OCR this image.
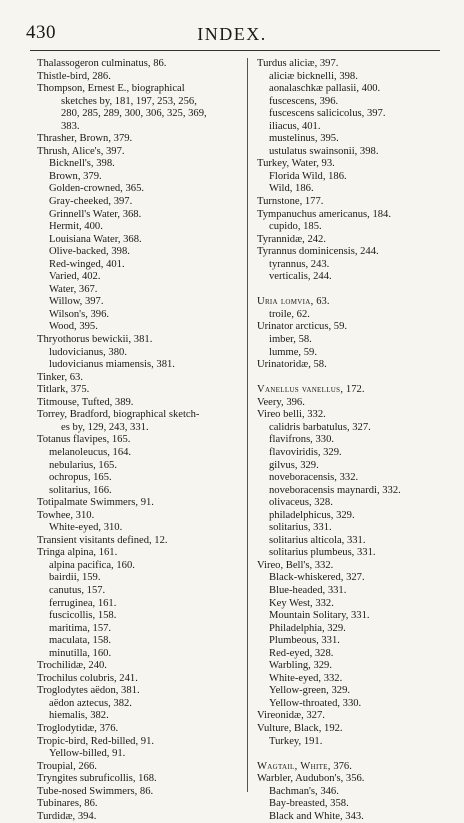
430	INDEX.
Thalassogeron culminatus, 86.
Thistle-bird, 286.
Thompson, Ernest E., biographical
sketches by, 181, 197, 253, 256,
280, 285, 289, 300, 306, 325, 369,
383.
Thrasher, Brown, 379.
Thrush, Alice's, 397.
Bicknell's, 398.
Brown, 379.
Golden-crowned, 365.
Gray-cheeked, 397.
Grinnell's Water, 368.
Hermit, 400.
Louisiana Water, 368.
Olive-backed, 398.
Red-winged, 401.
Varied, 402.
Water, 367.
Willow, 397.
Wilson's, 396.
Wood, 395.
Thryothorus bewickii, 381.
ludovicianus, 380.
ludovicianus miamensis, 381.
Tinker, 63.
Titlark, 375.
Titmouse, Tufted, 389.
Torrey, Bradford, biographical sketch-
es by, 129, 243, 331.
Totanus flavipes, 165.
melanoleucus, 164.
nebularius, 165.
ochropus, 165.
solitarius, 166.
Totipalmate Swimmers, 91.
Towhee, 310.
White-eyed, 310.
Transient visitants defined, 12.
Tringa alpina, 161.
alpina pacifica, 160.
bairdii, 159.
canutus, 157.
ferruginea, 161.
fuscicollis, 158.
maritima, 157.
maculata, 158.
minutilla, 160.
Trochilidæ, 240.
Trochilus colubris, 241.
Troglodytes aëdon, 381.
aëdon aztecus, 382.
hiemalis, 382.
Troglodytidæ, 376.
Tropic-bird, Red-billed, 91.
Yellow-billed, 91.
Troupial, 266.
Tryngites subruficollis, 168.
Tube-nosed Swimmers, 86.
Tubinares, 86.
Turdidæ, 394.
Turdus aliciæ, 397.
aliciæ bicknelli, 398.
aonalaschkæ pallasii, 400.
fuscescens, 396.
fuscescens salicicolus, 397.
iliacus, 401.
mustelinus, 395.
ustulatus swainsonii, 398.
Turkey, Water, 93.
Florida Wild, 186.
Wild, 186.
Turnstone, 177.
Tympanuchus americanus, 184.
cupido, 185.
Tyrannidæ, 242.
Tyrannus dominicensis, 244.
tyrannus, 243.
verticalis, 244.
Uria lomvia, 63.
troile, 62.
Urinator arcticus, 59.
imber, 58.
lumme, 59.
Urinatoridæ, 58.
Vanellus vanellus, 172.
Veery, 396.
Vireo belli, 332.
calidris barbatulus, 327.
flavifrons, 330.
flavoviridis, 329.
gilvus, 329.
noveboracensis, 332.
noveboracensis maynardi, 332.
olivaceus, 328.
philadelphicus, 329.
solitarius, 331.
solitarius alticola, 331.
solitarius plumbeus, 331.
Vireo, Bell's, 332.
Black-whiskered, 327.
Blue-headed, 331.
Key West, 332.
Mountain Solitary, 331.
Philadelphia, 329.
Plumbeous, 331.
Red-eyed, 328.
Warbling, 329.
White-eyed, 332.
Yellow-green, 329.
Yellow-throated, 330.
Vireonidæ, 327.
Vulture, Black, 192.
Turkey, 191.
Wagtail, White, 376.
Warbler, Audubon's, 356.
Bachman's, 346.
Bay-breasted, 358.
Black and White, 343.
